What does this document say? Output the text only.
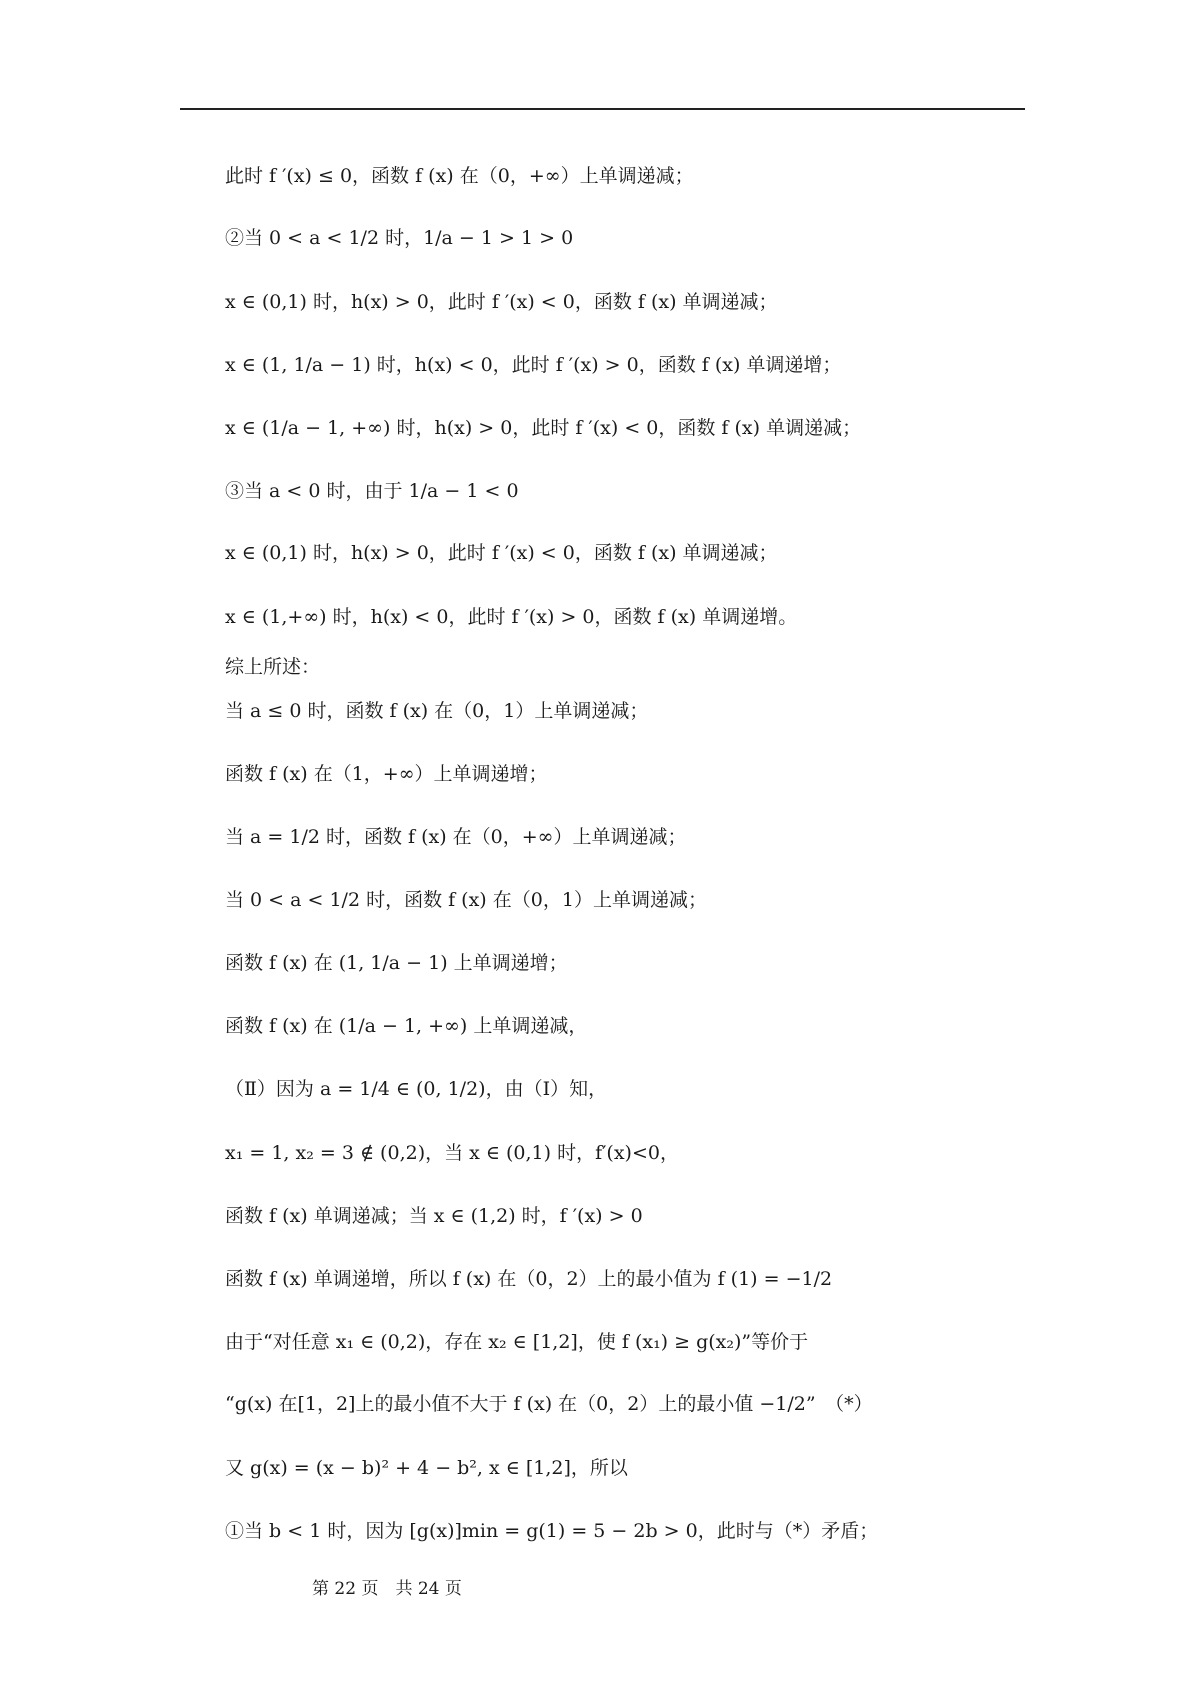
此时 f ′(x) ≤ 0，函数 f (x) 在（0，+∞）上单调递减；
②当 0 < a < 1/2 时，1/a − 1 > 1 > 0
x ∈ (0,1) 时，h(x) > 0，此时 f ′(x) < 0，函数 f (x) 单调递减；
x ∈ (1, 1/a − 1) 时，h(x) < 0，此时 f ′(x) > 0，函数 f (x) 单调递增；
x ∈ (1/a − 1, +∞) 时，h(x) > 0，此时 f ′(x) < 0，函数 f (x) 单调递减；
③当 a < 0 时，由于 1/a − 1 < 0
x ∈ (0,1) 时，h(x) > 0，此时 f ′(x) < 0，函数 f (x) 单调递减；
x ∈ (1,+∞) 时，h(x) < 0，此时 f ′(x) > 0，函数 f (x) 单调递增。
综上所述：
当 a ≤ 0 时，函数 f (x) 在（0，1）上单调递减；
函数 f (x) 在（1，+∞）上单调递增；
当 a = 1/2 时，函数 f (x) 在（0，+∞）上单调递减；
当 0 < a < 1/2 时，函数 f (x) 在（0，1）上单调递减；
函数 f (x) 在 (1, 1/a − 1) 上单调递增；
函数 f (x) 在 (1/a − 1, +∞) 上单调递减，
（Ⅱ）因为 a = 1/4 ∈ (0, 1/2)，由（Ⅰ）知，
x₁ = 1, x₂ = 3 ∉ (0,2)，当 x ∈ (0,1) 时，f′(x)<0，
函数 f (x) 单调递减；当 x ∈ (1,2) 时，f ′(x) > 0
函数 f (x) 单调递增，所以 f (x) 在（0，2）上的最小值为 f (1) = −1/2
由于“对任意 x₁ ∈ (0,2)，存在 x₂ ∈ [1,2]，使 f (x₁) ≥ g(x₂)”等价于
“g(x) 在[1，2]上的最小值不大于 f (x) 在（0，2）上的最小值 −1/2”　（*）
又 g(x) = (x − b)² + 4 − b², x ∈ [1,2]，所以
①当 b < 1 时，因为 [g(x)]min = g(1) = 5 − 2b > 0，此时与（*）矛盾；
第 22 页　共 24 页
